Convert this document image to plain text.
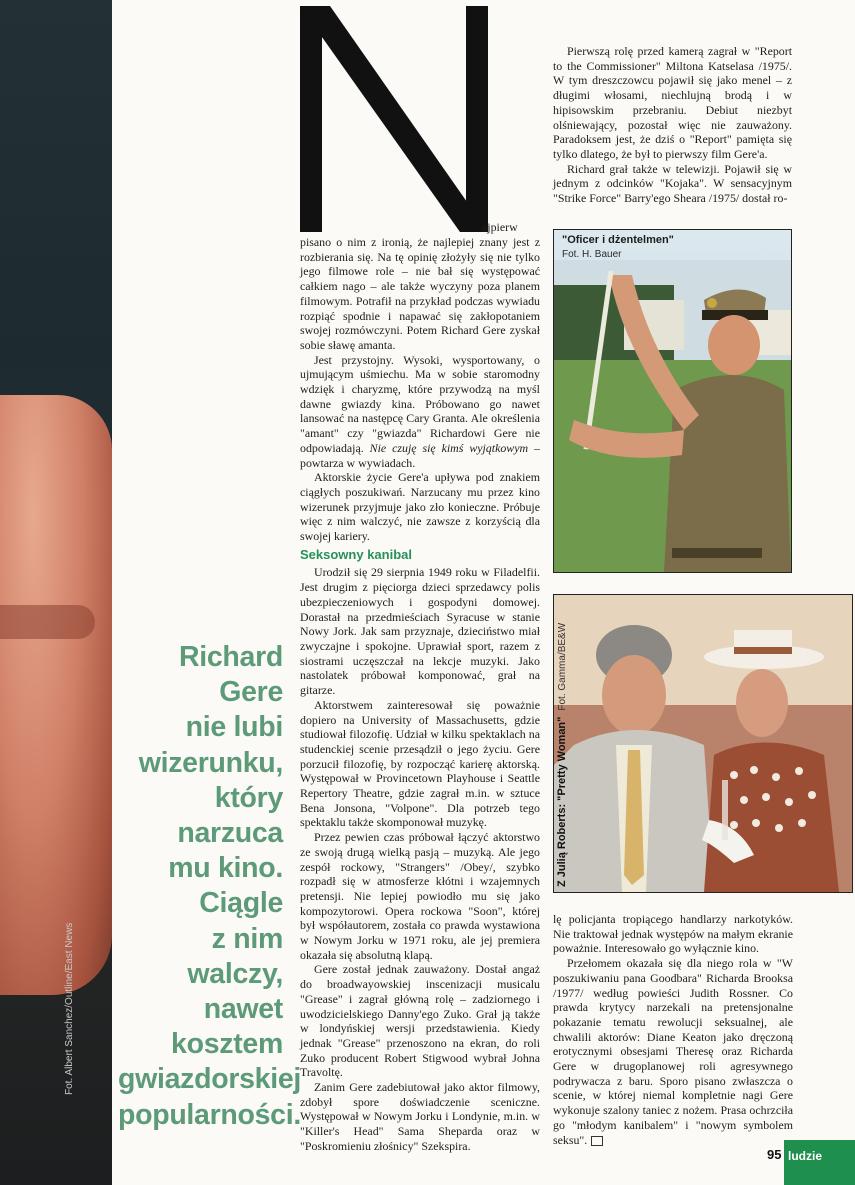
Fot. Albert Sanchez/Outline/East News
Richard
Gere
nie lubi
wizerunku,
który
narzuca
mu kino.
Ciągle
z nim
walczy,
nawet
kosztem
gwiazdorskiej
popularności.
ajpierw

pisano o nim z ironią, że najlepiej znany jest z rozbierania się. Na tę opinię złożyły się nie tylko jego filmowe role – nie bał się występować całkiem nago – ale także wyczyny poza planem filmowym. Potrafił na przykład podczas wywiadu rozpiąć spodnie i napawać się zakłopotaniem swojej rozmówczyni. Potem Richard Gere zyskał sobie sławę amanta.

Jest przystojny. Wysoki, wysportowany, o ujmującym uśmiechu. Ma w sobie staromodny wdzięk i charyzmę, które przywodzą na myśl dawne gwiazdy kina. Próbowano go nawet lansować na następcę Cary Granta. Ale określenia "amant" czy "gwiazda" Richardowi Gere nie odpowiadają. Nie czuję się kimś wyjątkowym – powtarza w wywiadach.

Aktorskie życie Gere'a upływa pod znakiem ciągłych poszukiwań. Narzucany mu przez kino wizerunek przyjmuje jako zło konieczne. Próbuje więc z nim walczyć, nie zawsze z korzyścią dla swojej kariery.

Seksowny kanibal

Urodził się 29 sierpnia 1949 roku w Filadelfii. Jest drugim z pięciorga dzieci sprzedawcy polis ubezpieczeniowych i gospodyni domowej. Dorastał na przedmieściach Syracuse w stanie Nowy Jork. Jak sam przyznaje, dzieciństwo miał zwyczajne i spokojne. Uprawiał sport, razem z siostrami uczęszczał na lekcje muzyki. Jako nastolatek próbował komponować, grał na gitarze.

Aktorstwem zainteresował się poważnie dopiero na University of Massachusetts, gdzie studiował filozofię. Udział w kilku spektaklach na studenckiej scenie przesądził o jego życiu. Gere porzucił filozofię, by rozpocząć karierę aktorską. Występował w Provincetown Playhouse i Seattle Repertory Theatre, gdzie zagrał m.in. w sztuce Bena Jonsona, "Volpone". Dla potrzeb tego spektaklu także skomponował muzykę.

Przez pewien czas próbował łączyć aktorstwo ze swoją drugą wielką pasją – muzyką. Ale jego zespół rockowy, "Strangers" /Obey/, szybko rozpadł się w atmosferze kłótni i wzajemnych pretensji. Nie lepiej powiodło mu się jako kompozytorowi. Opera rockowa "Soon", której był współautorem, została co prawda wystawiona w Nowym Jorku w 1971 roku, ale jej premiera okazała się absolutną klapą.

Gere został jednak zauważony. Dostał angaż do broadwayowskiej inscenizacji musicalu "Grease" i zagrał główną rolę – zadziornego i uwodzicielskiego Danny'ego Zuko. Grał ją także w londyńskiej wersji przedstawienia. Kiedy jednak "Grease" przenoszono na ekran, do roli Zuko producent Robert Stigwood wybrał Johna Travoltę.

Zanim Gere zadebiutował jako aktor filmowy, zdobył spore doświadczenie sceniczne. Występował w Nowym Jorku i Londynie, m.in. w "Killer's Head" Sama Sheparda oraz w "Poskromieniu złośnicy" Szekspira.

Pierwszą rolę przed kamerą zagrał w "Report to the Commissioner" Miltona Katselasa /1975/. W tym dreszczowcu pojawił się jako menel – z długimi włosami, niechlujną brodą i w hipisowskim przebraniu. Debiut niezbyt olśniewający, pozostał więc nie zauważony. Paradoksem jest, że dziś o "Report" pamięta się tylko dlatego, że był to pierwszy film Gere'a.

Richard grał także w telewizji. Pojawił się w jednym z odcinków "Kojaka". W sensacyjnym "Strike Force" Barry'ego Sheara /1975/ dostał ro-

"Oficer i dżentelmen"
Fot. H. Bauer
Z Julią Roberts: "Pretty Woman"Fot. Gamma/BE&W

lę policjanta tropiącego handlarzy narkotyków. Nie traktował jednak występów na małym ekranie poważnie. Interesowało go wyłącznie kino.

Przełomem okazała się dla niego rola w "W poszukiwaniu pana Goodbara" Richarda Brooksa /1977/ według powieści Judith Rossner. Co prawda krytycy narzekali na pretensjonalne pokazanie tematu rewolucji seksualnej, ale chwalili aktorów: Diane Keaton jako dręczoną erotycznymi obsesjami Theresę oraz Richarda Gere w drugoplanowej roli agresywnego podrywacza z baru. Sporo pisano zwłaszcza o scenie, w której niemal kompletnie nagi Gere wykonuje szalony taniec z nożem. Prasa ochrzciła go "młodym kanibalem" i "nowym symbolem seksu".

95 ludzie
